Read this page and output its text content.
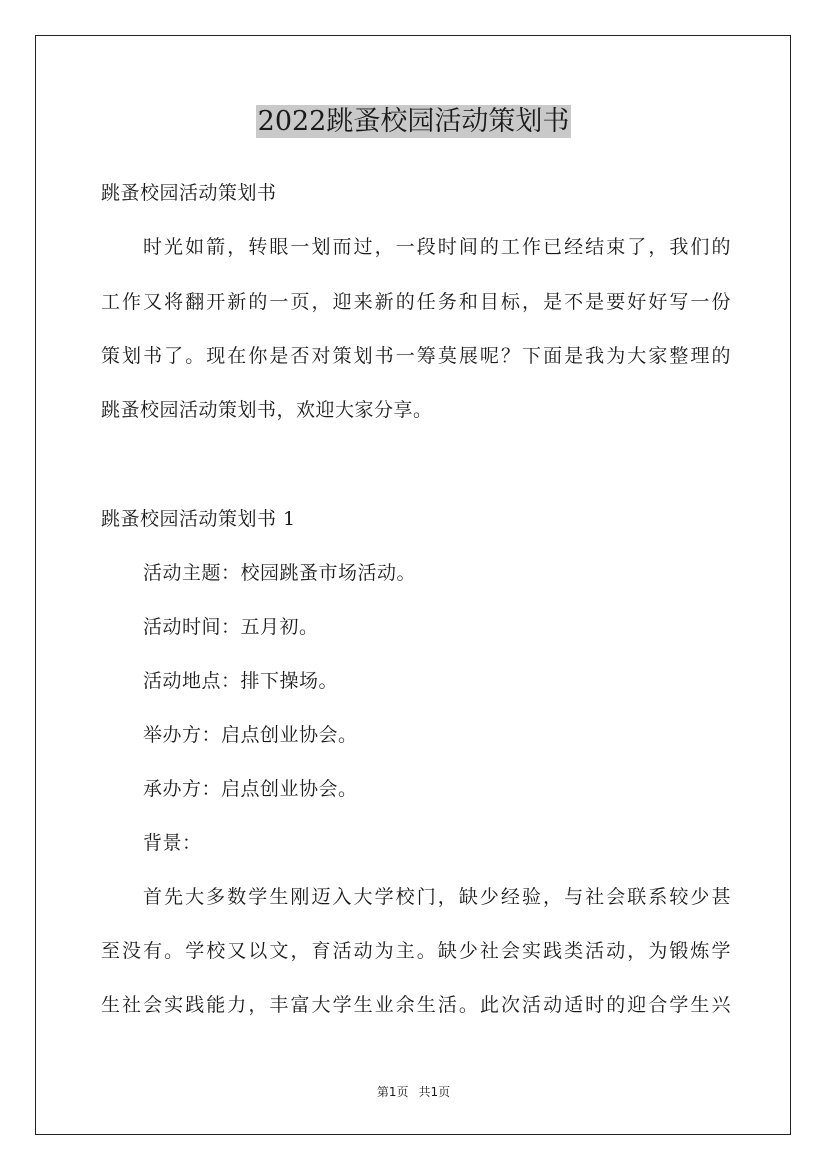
2022跳蚤校园活动策划书
跳蚤校园活动策划书
时光如箭，转眼一划而过，一段时间的工作已经结束了，我们的
工作又将翻开新的一页，迎来新的任务和目标，是不是要好好写一份
策划书了。现在你是否对策划书一筹莫展呢？下面是我为大家整理的
跳蚤校园活动策划书，欢迎大家分享。
跳蚤校园活动策划书 1
活动主题：校园跳蚤市场活动。
活动时间：五月初。
活动地点：排下操场。
举办方：启点创业协会。
承办方：启点创业协会。
背景：
首先大多数学生刚迈入大学校门，缺少经验，与社会联系较少甚
至没有。学校又以文，育活动为主。缺少社会实践类活动，为锻炼学
生社会实践能力，丰富大学生业余生活。此次活动适时的迎合学生兴
第1页 共1页
